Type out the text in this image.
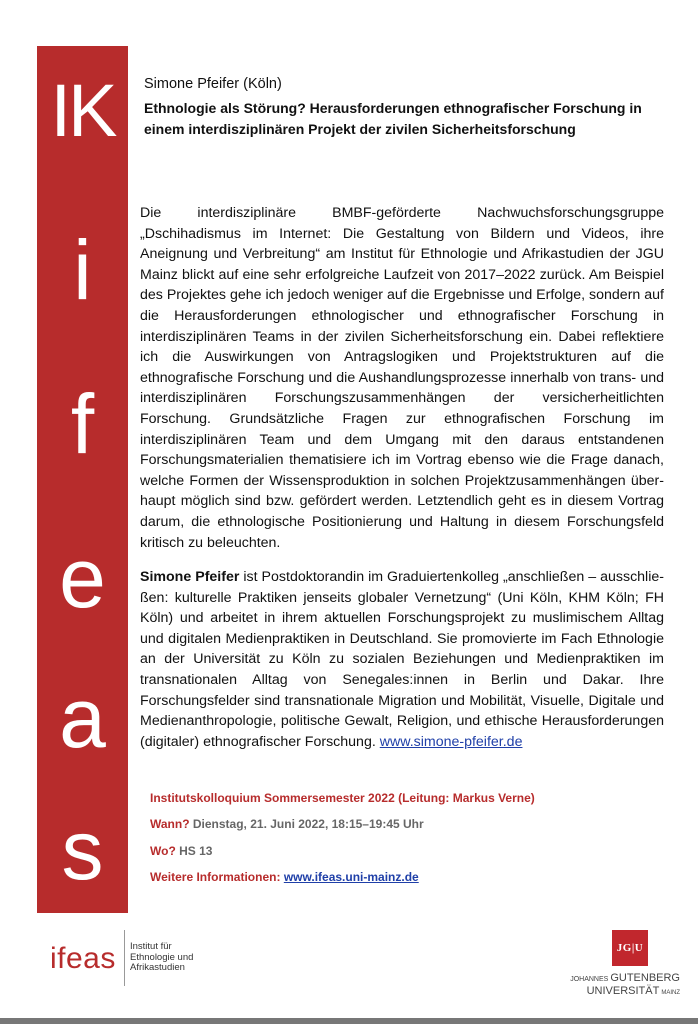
IK
i
f
e
a
s
Simone Pfeifer (Köln)
Ethnologie als Störung? Herausforderungen ethnografischer Forschung in einem interdisziplinären Projekt der zivilen Sicherheitsforschung

Die interdisziplinäre BMBF-geförderte Nachwuchsforschungsgruppe „Dschihadismus im Internet: Die Gestaltung von Bildern und Videos, ihre Aneignung und Verbreitung“ am Institut für Ethnologie und Afrikastudien der JGU Mainz blickt auf eine sehr erfolgreiche Laufzeit von 2017–2022 zurück. Am Beispiel des Projektes gehe ich jedoch weniger auf die Ergebnisse und Erfolge, sondern auf die Herausforderungen ethnologischer und ethnografischer Forschung in interdisziplinären Teams in der zivilen Sicherheitsforschung ein. Dabei reflektiere ich die Auswirkungen von Antragslogiken und Projektstrukturen auf die ethnografische Forschung und die Aushandlungsprozesse innerhalb von trans- und interdisziplinären Forschungszusammenhängen der versicherheitlichten Forschung. Grundsätzliche Fragen zur ethnografischen Forschung im interdisziplinären Team und dem Umgang mit den daraus entstandenen Forschungsmaterialien thematisiere ich im Vortrag ebenso wie die Frage danach, welche Formen der Wissensproduktion in solchen Projektzusammenhängen überhaupt möglich sind bzw. gefördert werden. Letztendlich geht es in diesem Vortrag darum, die ethnologische Positionierung und Haltung in diesem Forschungsfeld kritisch zu beleuchten.

Simone Pfeifer ist Postdoktorandin im Graduiertenkolleg „anschließen – ausschließen: kulturelle Praktiken jenseits globaler Vernetzung“ (Uni Köln, KHM Köln; FH Köln) und arbeitet in ihrem aktuellen Forschungsprojekt zu muslimischem Alltag und digitalen Medienpraktiken in Deutschland. Sie promovierte im Fach Ethnologie an der Universität zu Köln zu sozialen Beziehungen und Medienpraktiken im transnationalen Alltag von Senegales:innen in Berlin und Dakar. Ihre Forschungsfelder sind transnationale Migration und Mobilität, Visuelle, Digitale und Medienanthropologie, politische Gewalt, Religion, und ethische Herausforderungen (digitaler) ethnografischer Forschung. www.simone-pfeifer.de

Institutskolloquium Sommersemester 2022 (Leitung: Markus Verne)
Wann? Dienstag, 21. Juni 2022, 18:15–19:45 Uhr
Wo? HS 13
Weitere Informationen: www.ifeas.uni-mainz.de
ifeas Institut für
Ethnologie und
Afrikastudien
JG|U
JOHANNES GUTENBERG
UNIVERSITÄT MAINZ
